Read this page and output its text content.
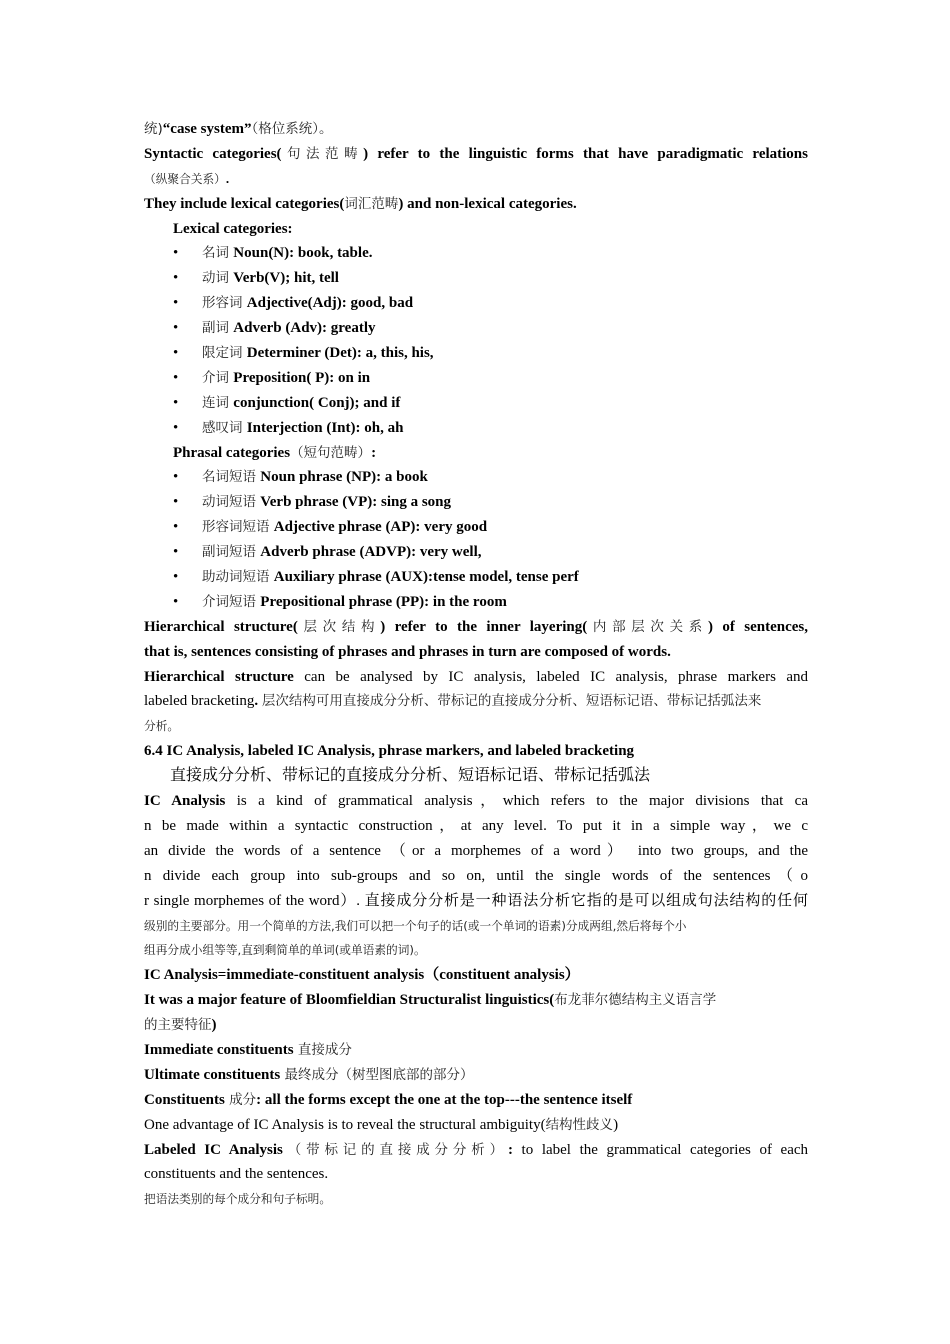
统)“case system”（格位系统）。
Syntactic categories(句法范畴) refer to the linguistic forms that have paradigmatic relations
（纵聚合关系）.
They include lexical categories(词汇范畴) and non-lexical categories.
Lexical categories:
• 名词 Noun(N): book, table.
• 动词 Verb(V); hit, tell
• 形容词 Adjective(Adj): good, bad
• 副词 Adverb (Adv): greatly
• 限定词 Determiner (Det): a, this, his,
• 介词 Preposition( P): on in
• 连词 conjunction( Conj); and if
• 感叹词 Interjection (Int): oh, ah
Phrasal categories（短句范畴）:
• 名词短语 Noun phrase (NP): a book
• 动词短语 Verb phrase (VP): sing a song
• 形容词短语 Adjective phrase (AP): very good
• 副词短语 Adverb phrase (ADVP): very well,
• 助动词短语 Auxiliary phrase (AUX):tense model, tense perf
• 介词短语 Prepositional phrase (PP): in the room
Hierarchical structure(层次结构) refer to the inner layering(内部层次关系) of sentences,
that is, sentences consisting of phrases and phrases in turn are composed of words.
Hierarchical structure can be analysed by IC analysis, labeled IC analysis, phrase markers and
labeled bracketing. 层次结构可用直接成分分析、带标记的直接成分分析、短语标记语、带标记括弧法来
分析。
6.4 IC Analysis, labeled IC Analysis, phrase markers, and labeled bracketing
直接成分分析、带标记的直接成分分析、短语标记语、带标记括弧法
IC Analysis is a kind of grammatical analysis，which refers to the major divisions that ca
n be made within a syntactic construction，at any level. To put it in a simple way，we c
an divide the words of a sentence （or a morphemes of a word） into two groups, and the
n divide each group into sub-groups and so on, until the single words of the sentences（o
r single morphemes of the word）. 直接成分分析是一种语法分析它指的是可以组成句法结构的任何
级别的主要部分。用一个简单的方法,我们可以把一个句子的话(或一个单词的语素)分成两组,然后将每个小
组再分成小组等等,直到剩简单的单词(或单语素的词)。
IC Analysis=immediate-constituent analysis（constituent analysis）
It was a major feature of Bloomfieldian Structuralist linguistics(布龙菲尔德结构主义语言学
的主要特征)
Immediate constituents 直接成分
Ultimate constituents 最终成分（树型图底部的部分）
Constituents 成分: all the forms except the one at the top---the sentence itself
One advantage of IC Analysis is to reveal the structural ambiguity(结构性歧义)
Labeled IC Analysis（带标记的直接成分分析）: to label the grammatical categories of each
constituents and the sentences.
把语法类别的每个成分和句子标明。
